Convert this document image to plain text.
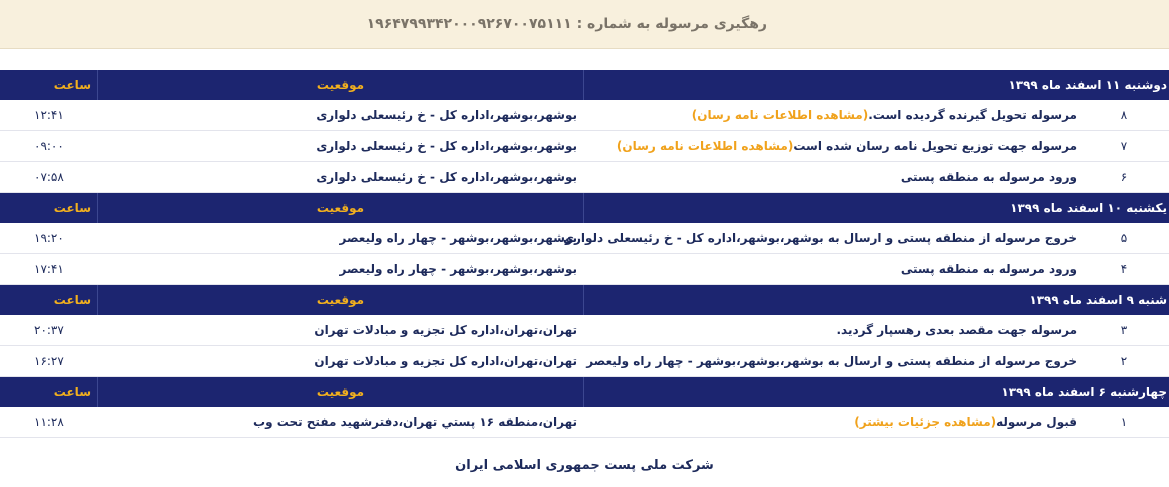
رهگیری مرسوله به شماره : ۱۹۶۴۷۹۹۳۴۲۰۰۰۹۲۶۷۰۰۷۵۱۱۱
دوشنبه ۱۱ اسفند ماه ۱۳۹۹
موقعیت
ساعت
۸
مرسوله تحویل گیرنده گردیده است.(مشاهده اطلاعات نامه رسان)
بوشهر،بوشهر،اداره کل - خ رئیسعلی دلواری
۱۲:۴۱
۷
مرسوله جهت توزیع تحویل نامه رسان شده است(مشاهده اطلاعات نامه رسان)
بوشهر،بوشهر،اداره کل - خ رئیسعلی دلواری
۰۹:۰۰
۶
ورود مرسوله به منطقه پستی
بوشهر،بوشهر،اداره کل - خ رئیسعلی دلواری
۰۷:۵۸
یکشنبه ۱۰ اسفند ماه ۱۳۹۹
موقعیت
ساعت
۵
خروج مرسوله از منطقه پستی و ارسال به بوشهر،بوشهر،اداره کل - خ رئیسعلی دلواری
بوشهر،بوشهر،بوشهر - چهار راه ولیعصر
۱۹:۲۰
۴
ورود مرسوله به منطقه پستی
بوشهر،بوشهر،بوشهر - چهار راه ولیعصر
۱۷:۴۱
شنبه ۹ اسفند ماه ۱۳۹۹
موقعیت
ساعت
۳
مرسوله جهت مقصد بعدی رهسپار گردید.
تهران،تهران،اداره کل تجزیه و مبادلات تهران
۲۰:۳۷
۲
خروج مرسوله از منطقه پستی و ارسال به بوشهر،بوشهر،بوشهر - چهار راه ولیعصر
تهران،تهران،اداره کل تجزیه و مبادلات تهران
۱۶:۲۷
چهارشنبه ۶ اسفند ماه ۱۳۹۹
موقعیت
ساعت
۱
قبول مرسوله(مشاهده جزئیات بیشتر)
تهران،منطقه ۱۶ پستي تهران،دفترشهيد مفتح تحت وب
۱۱:۲۸
شرکت ملی پست جمهوری اسلامی ایران
